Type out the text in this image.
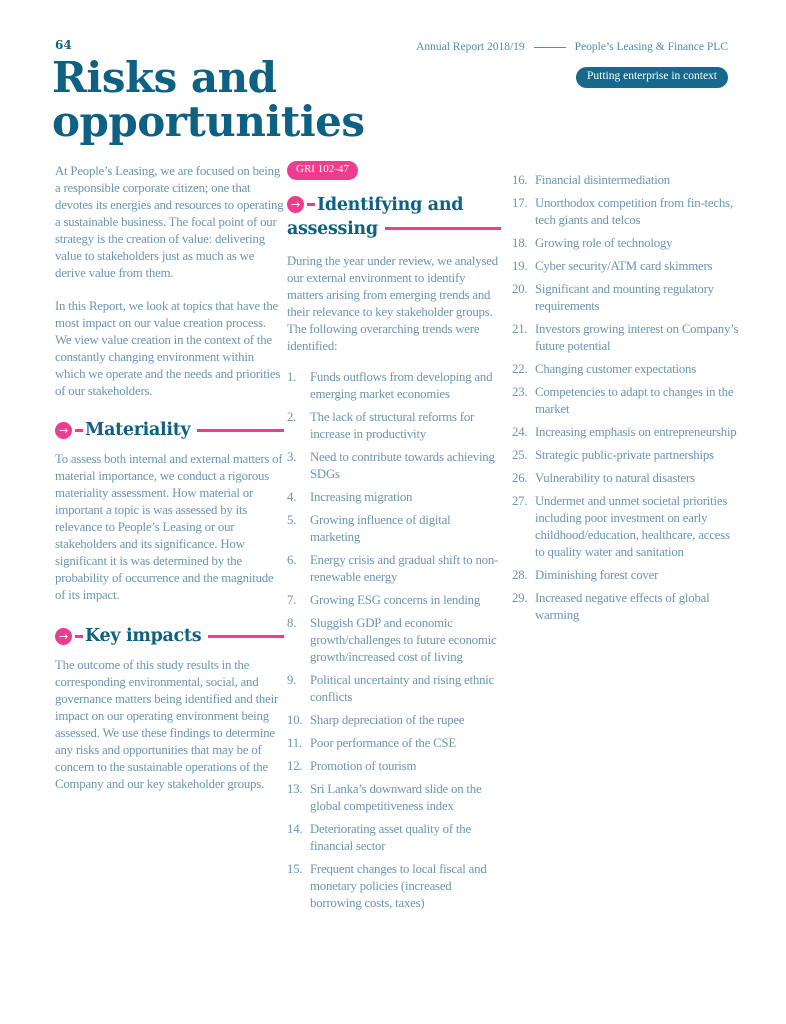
64	Annual Report 2018/19	People’s Leasing & Finance PLC
Putting enterprise in context
Risks and
opportunities

At People’s Leasing, we are focused on being a responsible corporate citizen; one that devotes its energies and resources to operating a sustainable business. The focal point of our strategy is the creation of value: delivering value to stakeholders just as much as we derive value from them.

In this Report, we look at topics that have the most impact on our value creation process. We view value creation in the context of the constantly changing environment within which we operate and the needs and priorities of our stakeholders.

→ Materiality

To assess both internal and external matters of material importance, we conduct a rigorous materiality assessment. How material or important a topic is was assessed by its relevance to People’s Leasing or our stakeholders and its significance. How significant it is was determined by the probability of occurrence and the magnitude of its impact.

→ Key impacts

The outcome of this study results in the corresponding environmental, social, and governance matters being identified and their impact on our operating environment being assessed. We use these findings to determine any risks and opportunities that may be of concern to the sustainable operations of the Company and our key stakeholder groups.

GRI 102-47
→ Identifying and
assessing

During the year under review, we analysed our external environment to identify matters arising from emerging trends and their relevance to key stakeholder groups. The following overarching trends were identified:

1.	Funds outflows from developing and emerging market economies
2.	The lack of structural reforms for increase in productivity
3.	Need to contribute towards achieving SDGs
4.	Increasing migration
5.	Growing influence of digital marketing
6.	Energy crisis and gradual shift to non-renewable energy
7.	Growing ESG concerns in lending
8.	Sluggish GDP and economic growth/challenges to future economic growth/increased cost of living
9.	Political uncertainty and rising ethnic conflicts
10. Sharp depreciation of the rupee
11. Poor performance of the CSE
12. Promotion of tourism
13. Sri Lanka’s downward slide on the global competitiveness index
14. Deteriorating asset quality of the financial sector
15. Frequent changes to local fiscal and monetary policies (increased borrowing costs, taxes)
16. Financial disintermediation
17. Unorthodox competition from fin-techs, tech giants and telcos
18. Growing role of technology
19. Cyber security/ATM card skimmers
20. Significant and mounting regulatory requirements
21. Investors growing interest on Company’s future potential
22. Changing customer expectations
23. Competencies to adapt to changes in the market
24. Increasing emphasis on entrepreneurship
25. Strategic public-private partnerships
26. Vulnerability to natural disasters
27. Undermet and unmet societal priorities including poor investment on early childhood/education, healthcare, access to quality water and sanitation
28. Diminishing forest cover
29. Increased negative effects of global warming
